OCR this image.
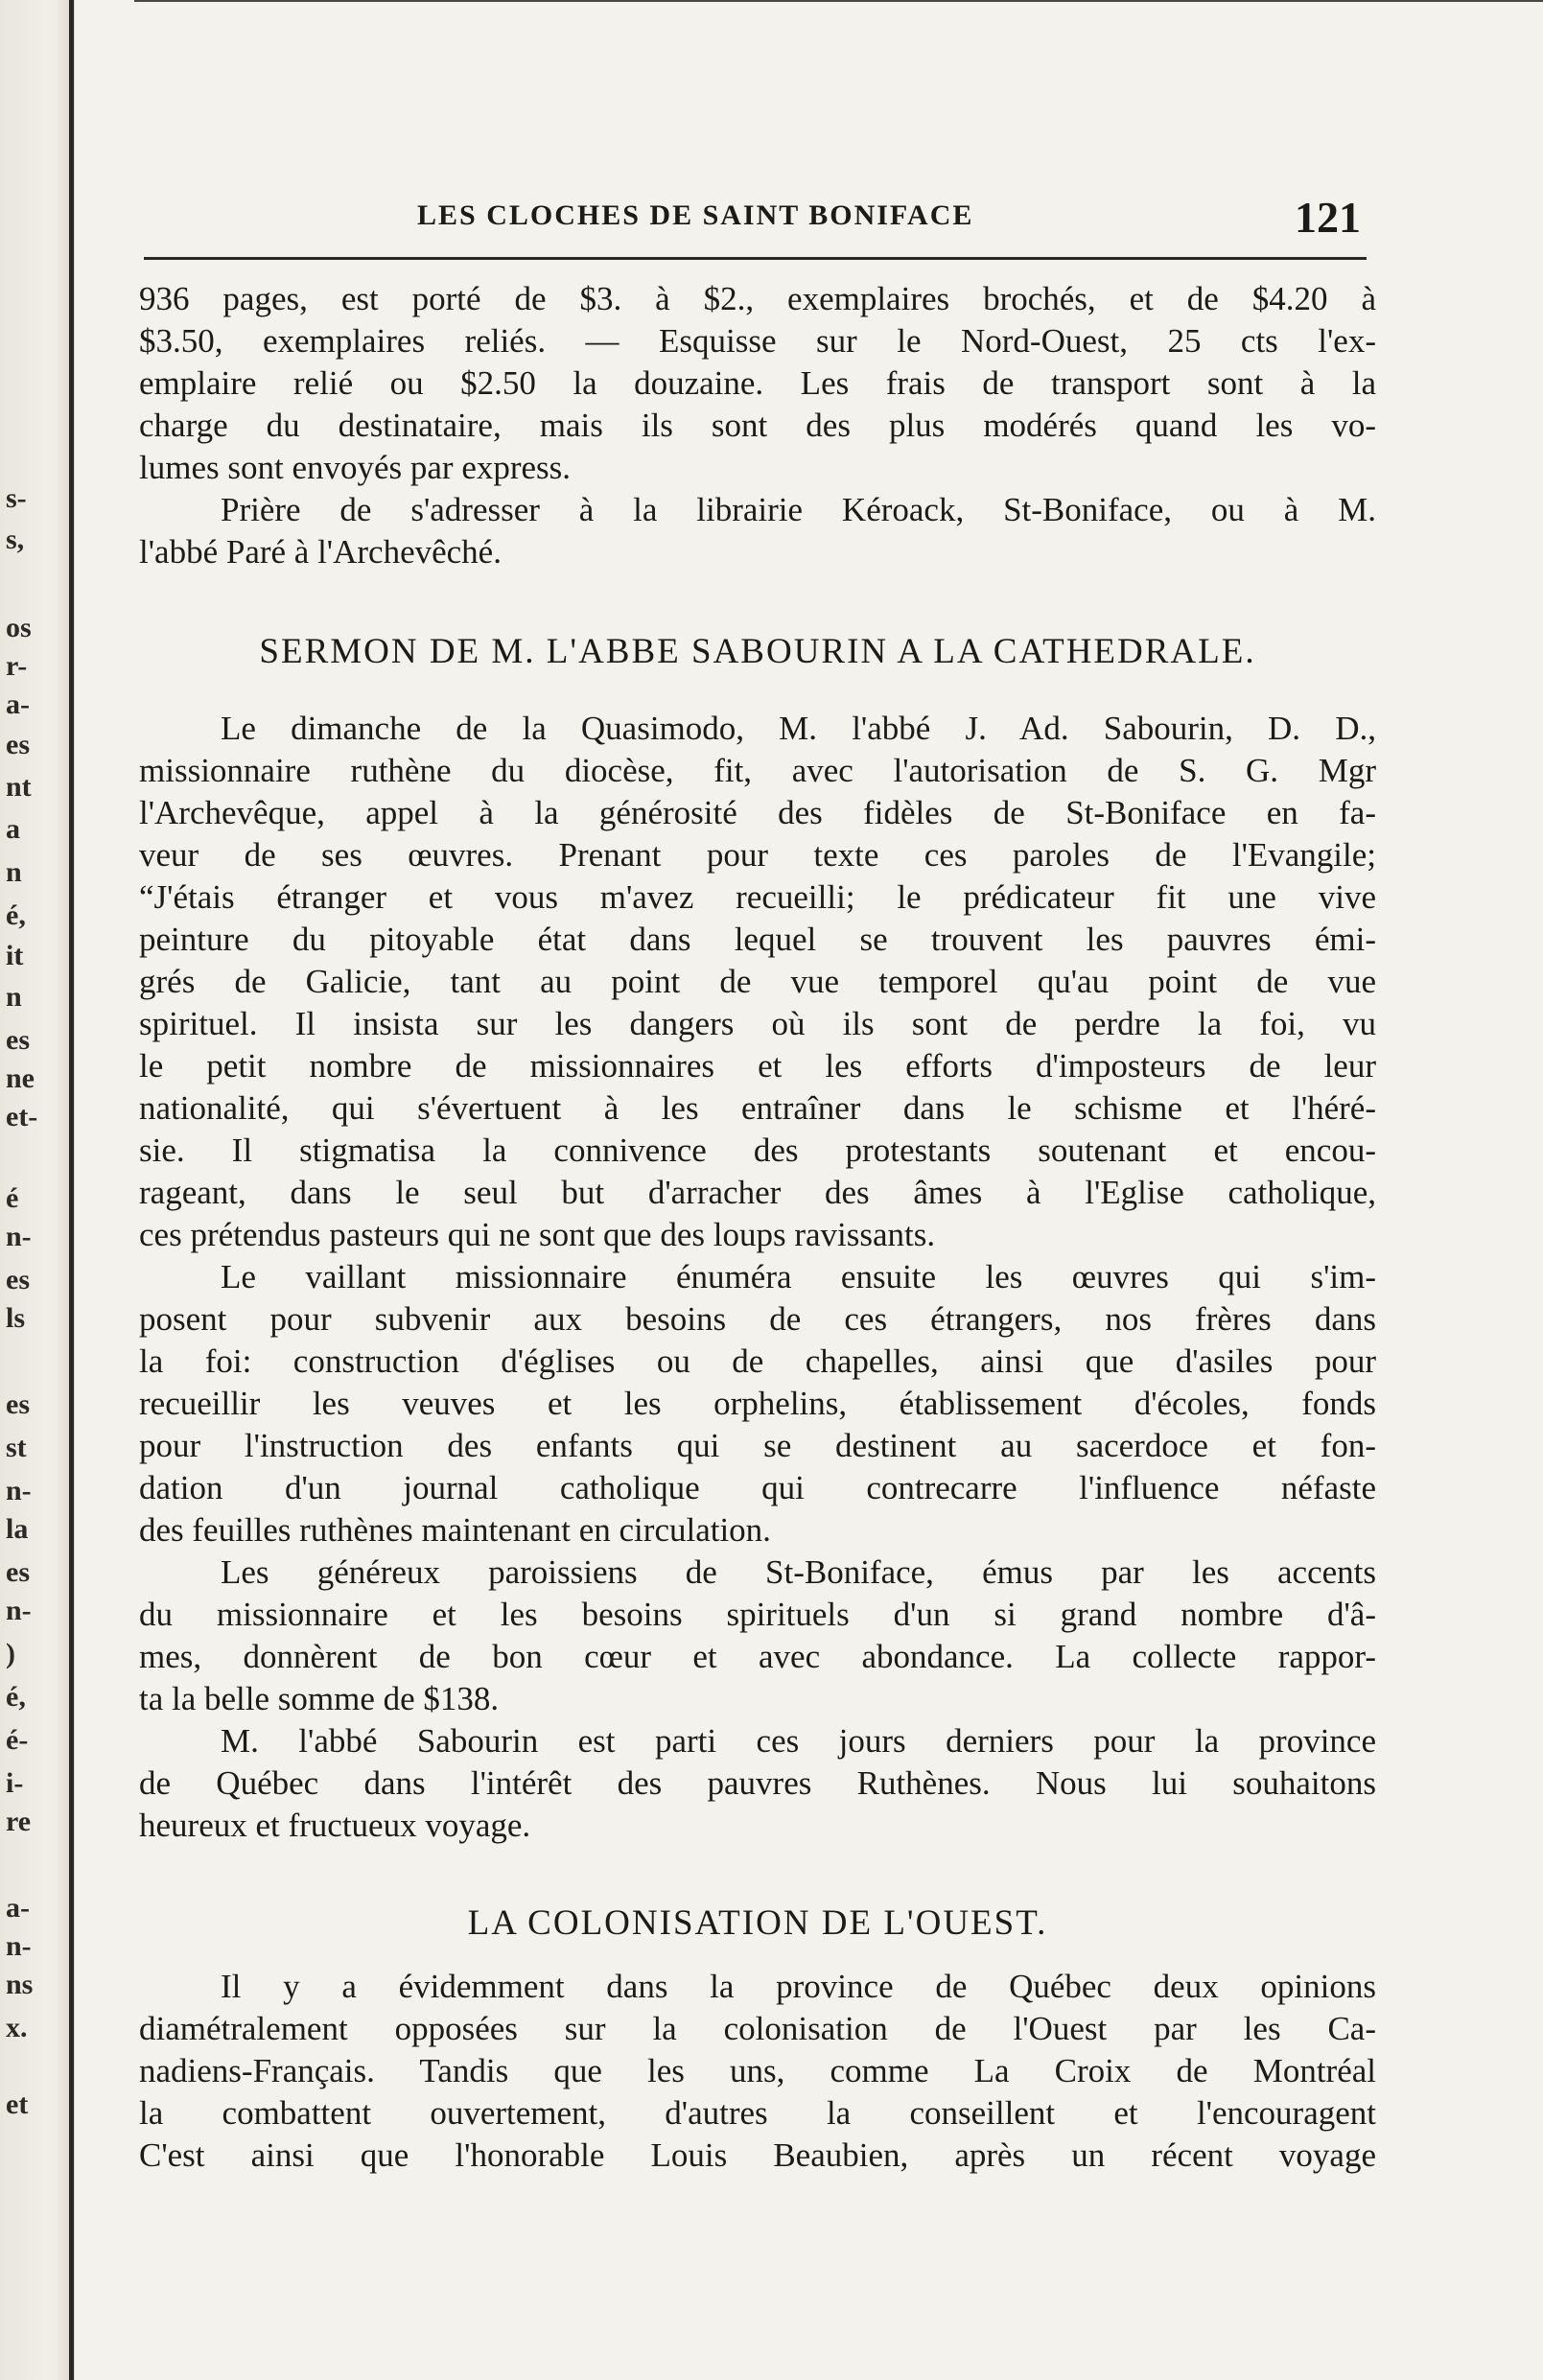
s-
s,
os
r-
a-
es
nt
a
n
é,
it
n
es
ne
et-
é
n-
es
ls
es
st
n-
la
es
n-
)
é,
é-
i-
re
a-
n-
ns
x.
et
LES CLOCHES DE SAINT BONIFACE	121
936 pages, est porté de $3. à $2., exemplaires brochés, et de $4.20 à
$3.50, exemplaires reliés. — Esquisse sur le Nord-Ouest, 25 cts l'ex-
emplaire relié ou $2.50 la douzaine. Les frais de transport sont à la
charge du destinataire, mais ils sont des plus modérés quand les vo-
lumes sont envoyés par express.
Prière de s'adresser à la librairie Kéroack, St-Boniface, ou à M.
l'abbé Paré à l'Archevêché.
SERMON DE M. L'ABBE SABOURIN A LA CATHEDRALE.
Le dimanche de la Quasimodo, M. l'abbé J. Ad. Sabourin, D. D.,
missionnaire ruthène du diocèse, fit, avec l'autorisation de S. G. Mgr
l'Archevêque, appel à la générosité des fidèles de St-Boniface en fa-
veur de ses œuvres. Prenant pour texte ces paroles de l'Evangile;
“J'étais étranger et vous m'avez recueilli; le prédicateur fit une vive
peinture du pitoyable état dans lequel se trouvent les pauvres émi-
grés de Galicie, tant au point de vue temporel qu'au point de vue
spirituel. Il insista sur les dangers où ils sont de perdre la foi, vu
le petit nombre de missionnaires et les efforts d'imposteurs de leur
nationalité, qui s'évertuent à les entraîner dans le schisme et l'héré-
sie. Il stigmatisa la connivence des protestants soutenant et encou-
rageant, dans le seul but d'arracher des âmes à l'Eglise catholique,
ces prétendus pasteurs qui ne sont que des loups ravissants.
Le vaillant missionnaire énuméra ensuite les œuvres qui s'im-
posent pour subvenir aux besoins de ces étrangers, nos frères dans
la foi: construction d'églises ou de chapelles, ainsi que d'asiles pour
recueillir les veuves et les orphelins, établissement d'écoles, fonds
pour l'instruction des enfants qui se destinent au sacerdoce et fon-
dation d'un journal catholique qui contrecarre l'influence néfaste
des feuilles ruthènes maintenant en circulation.
Les généreux paroissiens de St-Boniface, émus par les accents
du missionnaire et les besoins spirituels d'un si grand nombre d'â-
mes, donnèrent de bon cœur et avec abondance. La collecte rappor-
ta la belle somme de $138.
M. l'abbé Sabourin est parti ces jours derniers pour la province
de Québec dans l'intérêt des pauvres Ruthènes. Nous lui souhaitons
heureux et fructueux voyage.
LA COLONISATION DE L'OUEST.
Il y a évidemment dans la province de Québec deux opinions
diamétralement opposées sur la colonisation de l'Ouest par les Ca-
nadiens-Français. Tandis que les uns, comme La Croix de Montréal
la combattent ouvertement, d'autres la conseillent et l'encouragent
C'est ainsi que l'honorable Louis Beaubien, après un récent voyage
